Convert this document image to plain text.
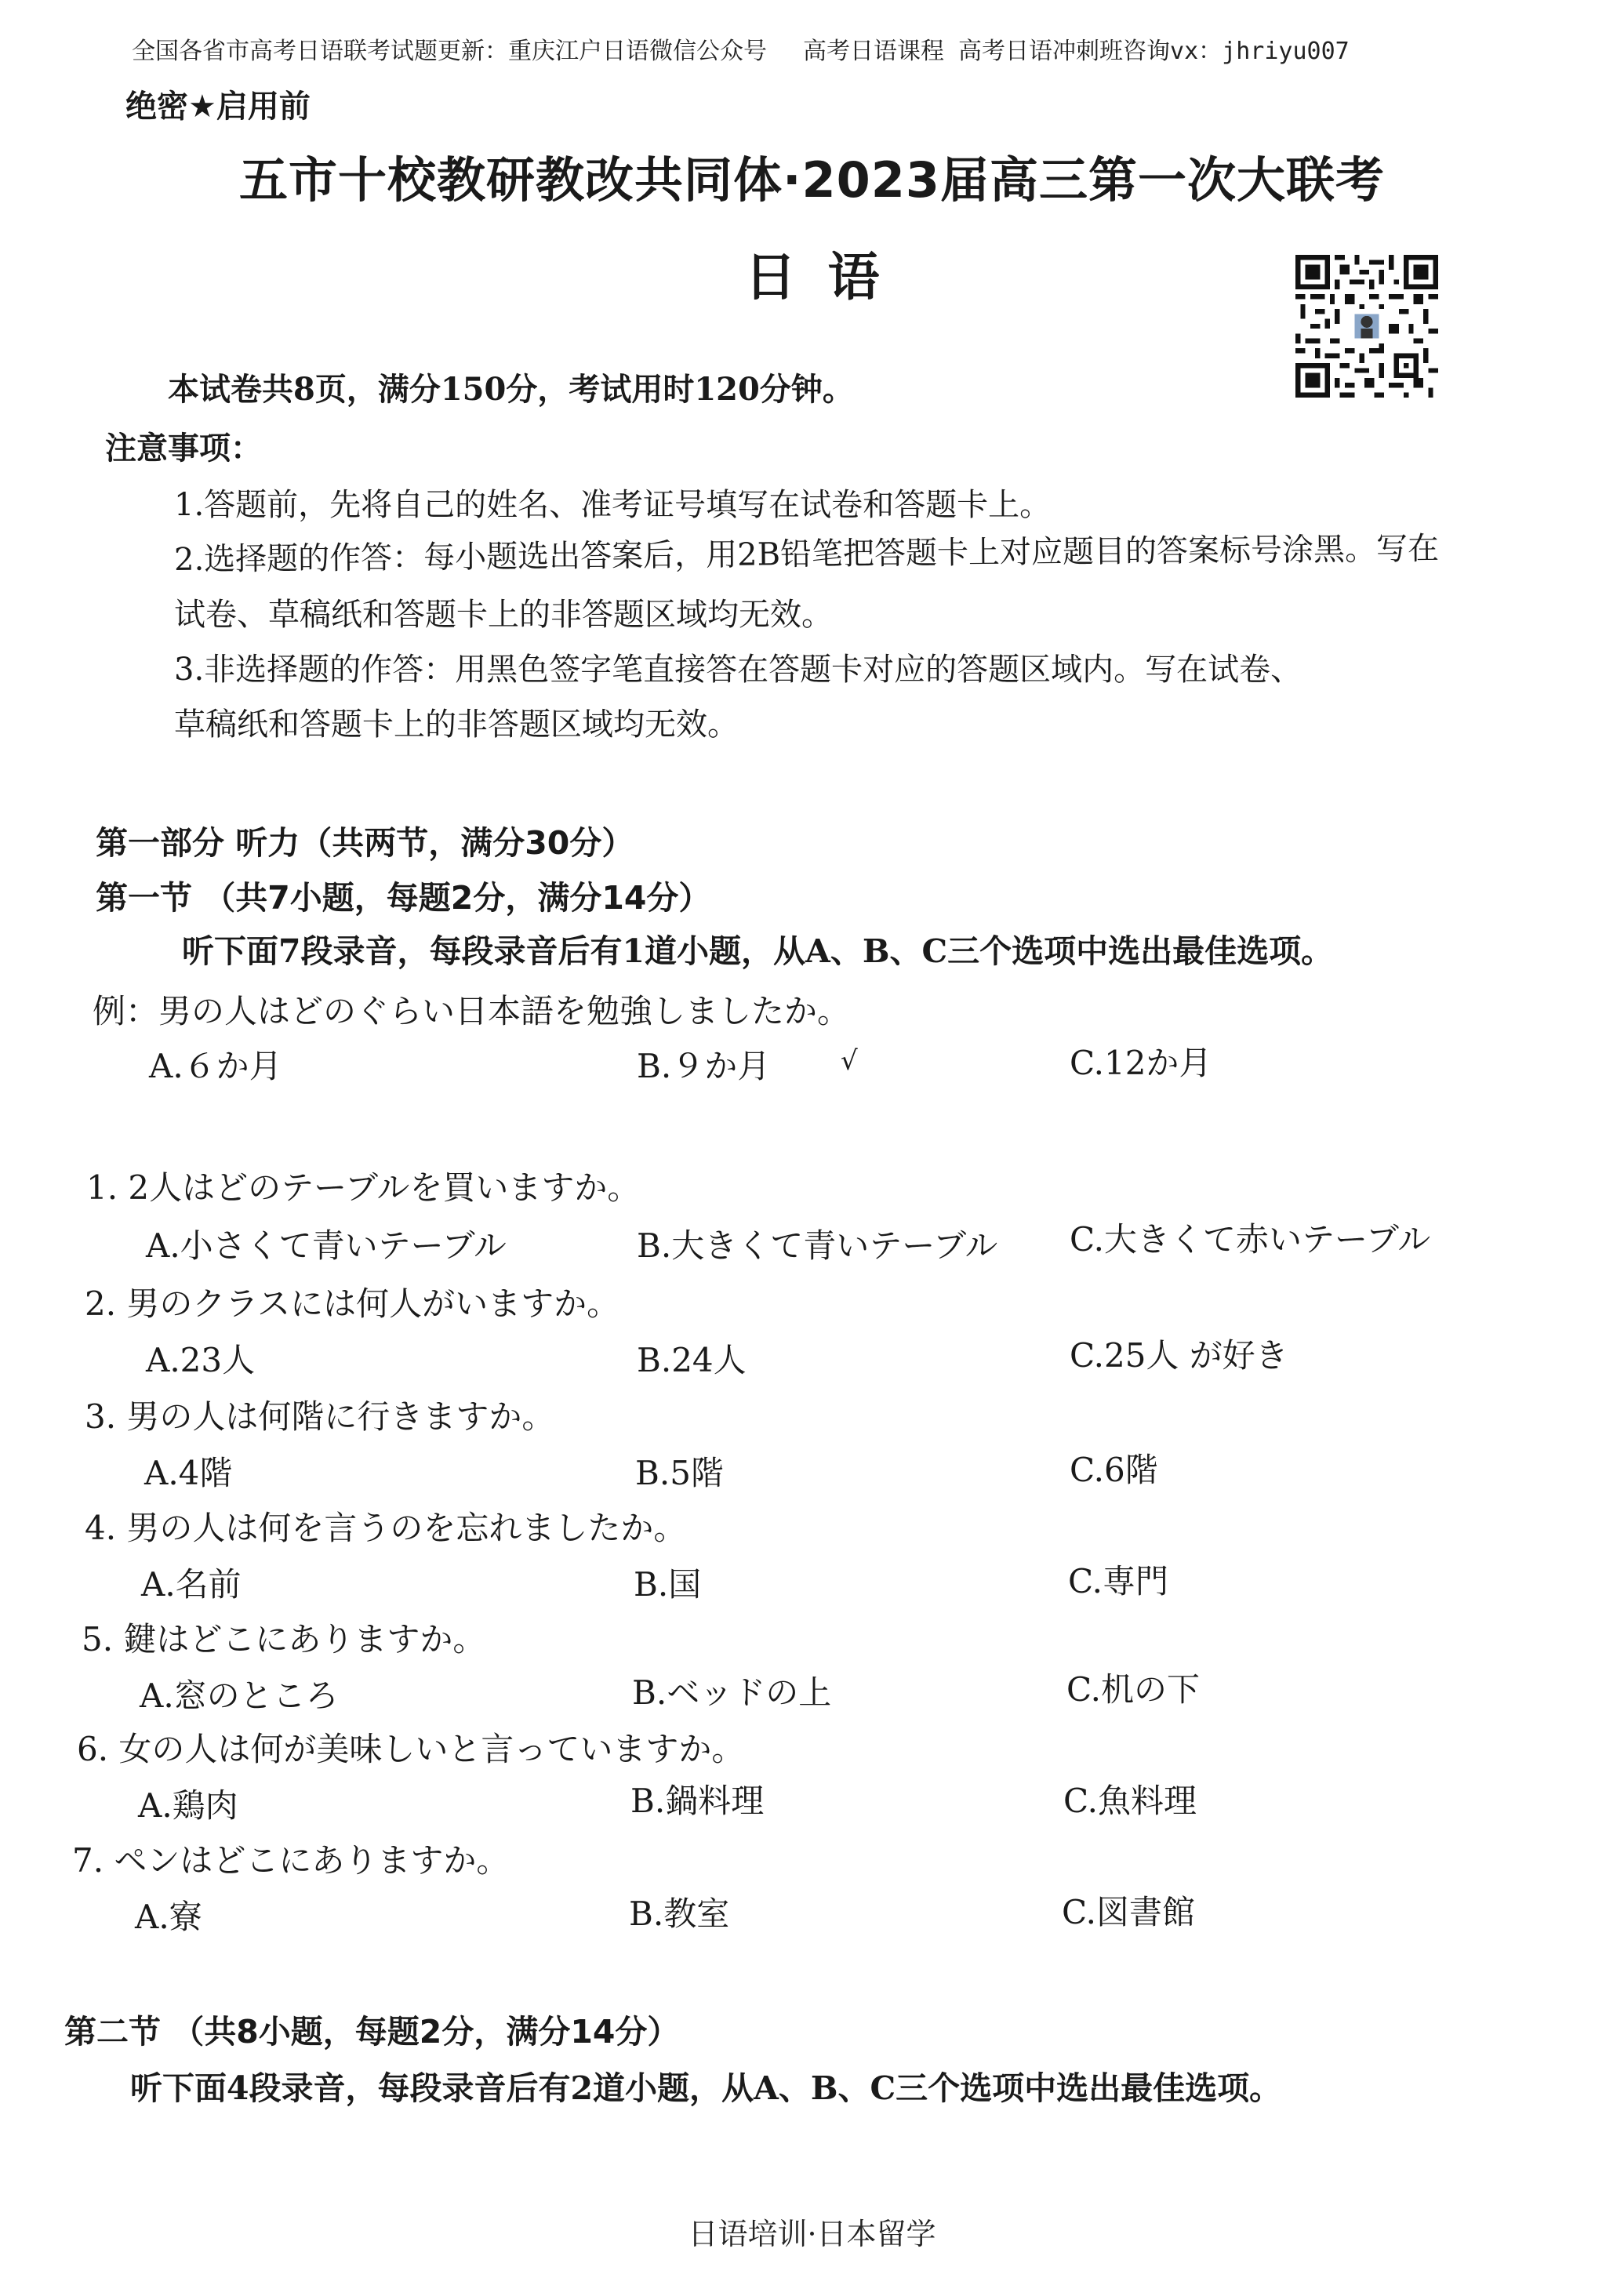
全国各省市高考日语联考试题更新：重庆江户日语微信公众号 高考日语课程 高考日语冲刺班咨询vx：jhriyu007
绝密★启用前
五市十校教研教改共同体·2023届高三第一次大联考
日语
本试卷共8页，满分150分，考试用时120分钟。
注意事项：
1.答题前，先将自己的姓名、准考证号填写在试卷和答题卡上。
2.选择题的作答：每小题选出答案后，用2B铅笔把答题卡上对应题目的答案标号涂黑。写在
试卷、草稿纸和答题卡上的非答题区域均无效。
3.非选择题的作答：用黑色签字笔直接答在答题卡对应的答题区域内。写在试卷、
草稿纸和答题卡上的非答题区域均无效。
第一部分 听力（共两节，满分30分）
第一节 （共7小题，每题2分，满分14分）
听下面7段录音，每段录音后有1道小题，从A、B、C三个选项中选出最佳选项。
例：男の人はどのぐらい日本語を勉強しましたか。
A.６か月	B.９か月	√	C.12か月
1. 2人はどのテーブルを買いますか。
A.小さくて青いテーブル	B.大きくて青いテーブル C.大きくて赤いテーブル
2. 男のクラスには何人がいますか。
A.23人	B.24人	C.25人 が好き
3. 男の人は何階に行きますか。
A.4階	B.5階	C.6階
4. 男の人は何を言うのを忘れましたか。
A.名前	B.国	C.専門
5. 鍵はどこにありますか。
A.窓のところ	B.ベッドの上	C.机の下
6. 女の人は何が美味しいと言っていますか。
A.鶏肉	B.鍋料理	C.魚料理
7. ペンはどこにありますか。
A.寮	B.教室	C.図書館
第二节 （共8小题，每题2分，满分14分）
听下面4段录音，每段录音后有2道小题，从A、B、C三个选项中选出最佳选项。
日语培训·日本留学
